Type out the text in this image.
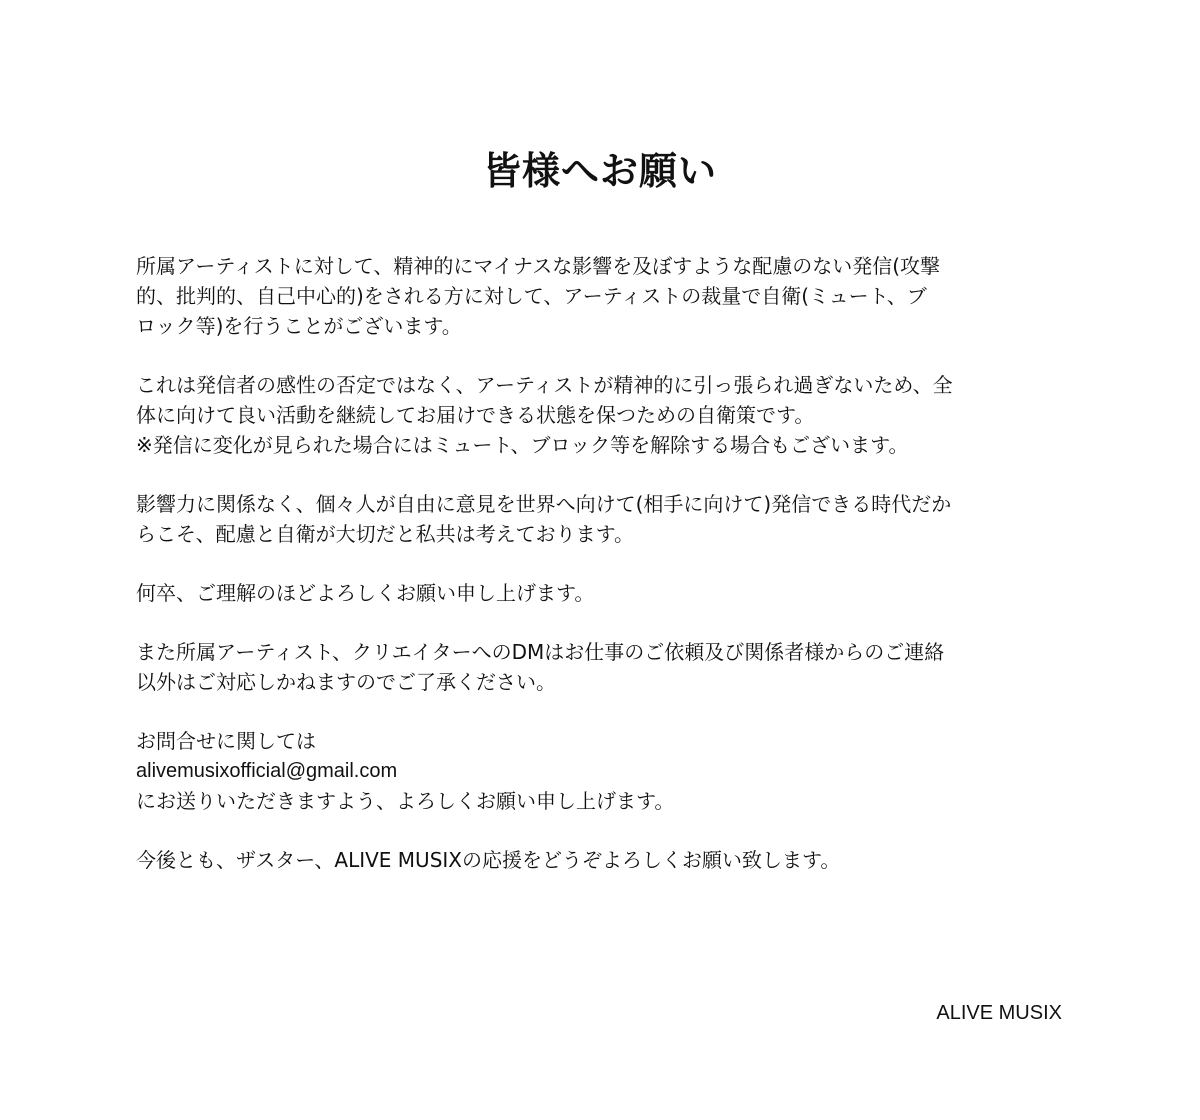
皆様へお願い

所属アーティストに対して、精神的にマイナスな影響を及ぼすような配慮のない発信(攻撃
的、批判的、自己中心的)をされる方に対して、アーティストの裁量で自衛(ミュート、ブ
ロック等)を行うことがございます。

これは発信者の感性の否定ではなく、アーティストが精神的に引っ張られ過ぎないため、全
体に向けて良い活動を継続してお届けできる状態を保つための自衛策です。
※発信に変化が見られた場合にはミュート、ブロック等を解除する場合もございます。

影響力に関係なく、個々人が自由に意見を世界へ向けて(相手に向けて)発信できる時代だか
らこそ、配慮と自衛が大切だと私共は考えております。

何卒、ご理解のほどよろしくお願い申し上げます。

また所属アーティスト、クリエイターへのDMはお仕事のご依頼及び関係者様からのご連絡
以外はご対応しかねますのでご了承ください。

お問合せに関しては
alivemusixofficial@gmail.com
にお送りいただきますよう、よろしくお願い申し上げます。

今後とも、ザスター、ALIVE MUSIXの応援をどうぞよろしくお願い致します。

ALIVE MUSIX
